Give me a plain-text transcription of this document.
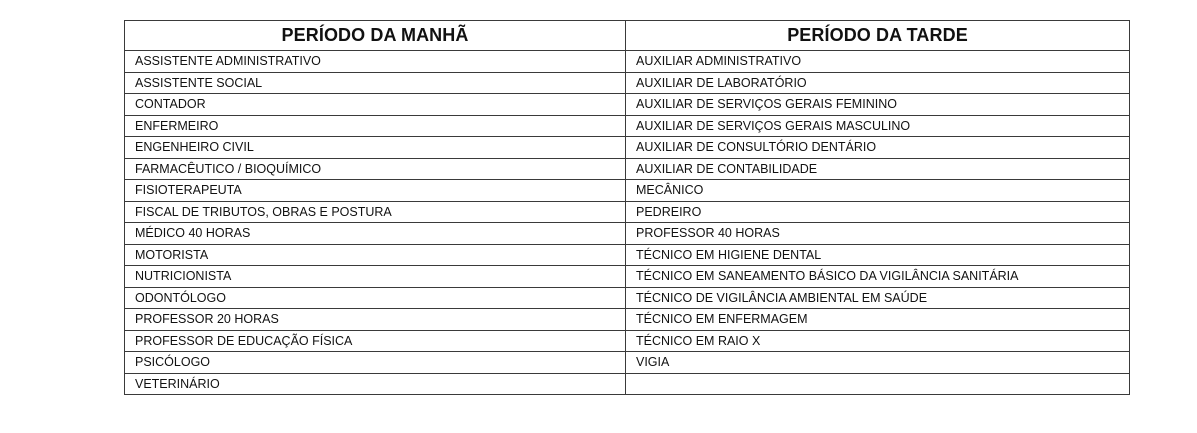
PERÍODO DA MANHÃ	PERÍODO DA TARDE
ASSISTENTE ADMINISTRATIVO	AUXILIAR ADMINISTRATIVO
ASSISTENTE SOCIAL	AUXILIAR DE LABORATÓRIO
CONTADOR	AUXILIAR DE SERVIÇOS GERAIS FEMININO
ENFERMEIRO	AUXILIAR DE SERVIÇOS GERAIS MASCULINO
ENGENHEIRO CIVIL	AUXILIAR DE CONSULTÓRIO DENTÁRIO
FARMACÊUTICO / BIOQUÍMICO	AUXILIAR DE CONTABILIDADE
FISIOTERAPEUTA	MECÂNICO
FISCAL DE TRIBUTOS, OBRAS E POSTURA	PEDREIRO
MÉDICO 40 HORAS	PROFESSOR 40 HORAS
MOTORISTA	TÉCNICO EM HIGIENE DENTAL
NUTRICIONISTA	TÉCNICO EM SANEAMENTO BÁSICO DA VIGILÂNCIA SANITÁRIA
ODONTÓLOGO	TÉCNICO DE VIGILÂNCIA AMBIENTAL EM SAÚDE
PROFESSOR 20 HORAS	TÉCNICO EM ENFERMAGEM
PROFESSOR DE EDUCAÇÃO FÍSICA	TÉCNICO EM RAIO X
PSICÓLOGO	VIGIA
VETERINÁRIO	
